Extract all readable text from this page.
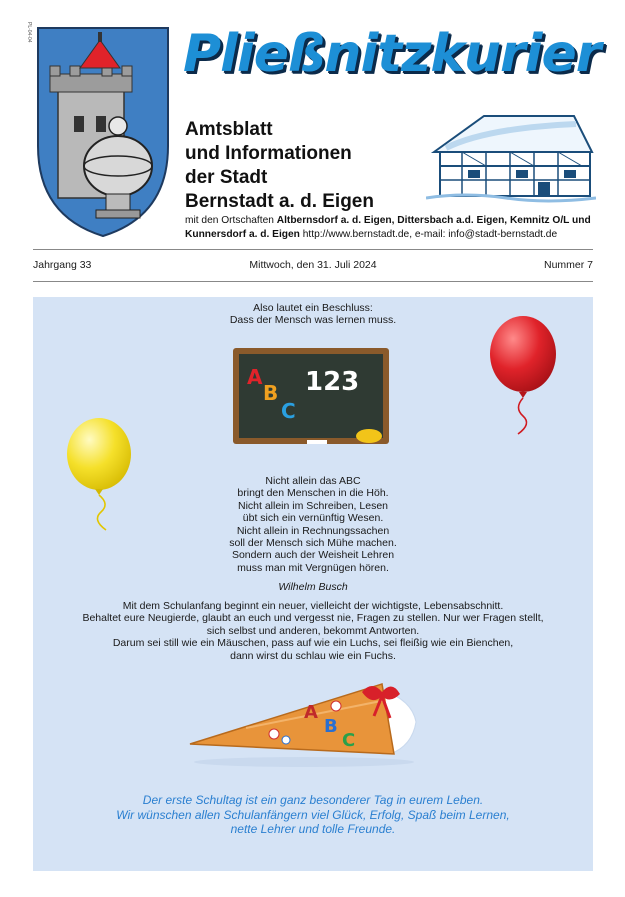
PL-04-04	Pließnitzkurier
Amtsblatt
und Informationen
der Stadt
Bernstadt a. d. Eigen
mit den Ortschaften Altbernsdorf a. d. Eigen, Dittersbach a.d. Eigen, Kemnitz O/L und Kunnersdorf a. d. Eigen http://www.bernstadt.de, e-mail: info@stadt-bernstadt.de
Mittwoch, den 31. Juli 2024
Jahrgang 33	Nummer 7
Also lautet ein Beschluss:
Dass der Mensch was lernen muss.
A
B
C
123
Nicht allein das ABC
bringt den Menschen in die Höh.
Nicht allein im Schreiben, Lesen
übt sich ein vernünftig Wesen.
Nicht allein in Rechnungssachen
soll der Mensch sich Mühe machen.
Sondern auch der Weisheit Lehren
muss man mit Vergnügen hören.
Wilhelm Busch
Mit dem Schulanfang beginnt ein neuer, vielleicht der wichtigste, Lebensabschnitt.
Behaltet eure Neugierde, glaubt an euch und vergesst nie, Fragen zu stellen. Nur wer Fragen stellt,
sich selbst und anderen, bekommt Antworten.
Darum sei still wie ein Mäuschen, pass auf wie ein Luchs, sei fleißig wie ein Bienchen,
dann wirst du schlau wie ein Fuchs.
A
B
C
Der erste Schultag ist ein ganz besonderer Tag in eurem Leben.
Wir wünschen allen Schulanfängern viel Glück, Erfolg, Spaß beim Lernen,
nette Lehrer und tolle Freunde.
